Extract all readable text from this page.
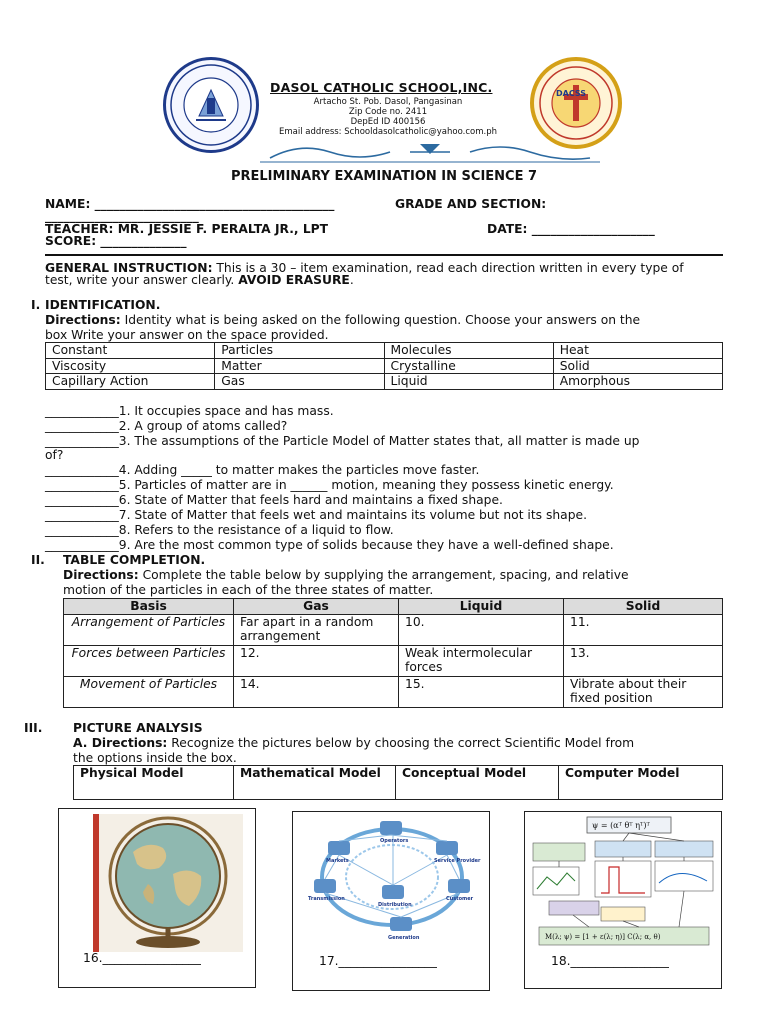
DASOL CATHOLIC SCHOOL,INC.
Artacho St. Pob. Dasol, Pangasinan
Zip Code no. 2411
DepEd ID 400156
Email address: Schooldasolcatholic@yahoo.com.ph
DACSS
PRELIMINARY EXAMINATION IN SCIENCE 7
NAME: _______________________________________	GRADE AND SECTION:
_________________________
TEACHER: MR. JESSIE F. PERALTA JR., LPT	DATE: ____________________
SCORE: ______________
GENERAL INSTRUCTION: This is a 30 – item examination, read each direction written in every type of
test, write your answer clearly. AVOID ERASURE.
I. IDENTIFICATION.
Directions: Identity what is being asked on the following question. Choose your answers on the
box Write your answer on the space provided.
Constant	Particles	Molecules	Heat
Viscosity	Matter	Crystalline	Solid
Capillary Action	Gas	Liquid	Amorphous
____________1. It occupies space and has mass.
____________2. A group of atoms called?
____________3. The assumptions of the Particle Model of Matter states that, all matter is made up
of?
____________4. Adding _____ to matter makes the particles move faster.
____________5. Particles of matter are in ______ motion, meaning they possess kinetic energy.
____________6. State of Matter that feels hard and maintains a fixed shape.
____________7. State of Matter that feels wet and maintains its volume but not its shape.
____________8. Refers to the resistance of a liquid to flow.
____________9. Are the most common type of solids because they have a well-defined shape.
II. TABLE COMPLETION.
Directions: Complete the table below by supplying the arrangement, spacing, and relative
motion of the particles in each of the three states of matter.
Basis	Gas	Liquid	Solid
Arrangement of Particles	Far apart in a random arrangement	10.	11.
Forces between Particles	12.	Weak intermolecular forces	13.
Movement of Particles	14.	15.	Vibrate about their fixed position
III. PICTURE ANALYSIS
A. Directions: Recognize the pictures below by choosing the correct Scientific Model from
the options inside the box.
Physical Model	Mathematical Model	Conceptual Model	Computer Model
16.________________
Operators
Markets	Service Provider
Transmission
Distribution
Customer
Generation
17.________________
ψ = (αᵀ θᵀ ηᵀ)ᵀ
M(λ; ψ) = [1 + ε(λ; η)] C(λ; α, θ)
18.________________
